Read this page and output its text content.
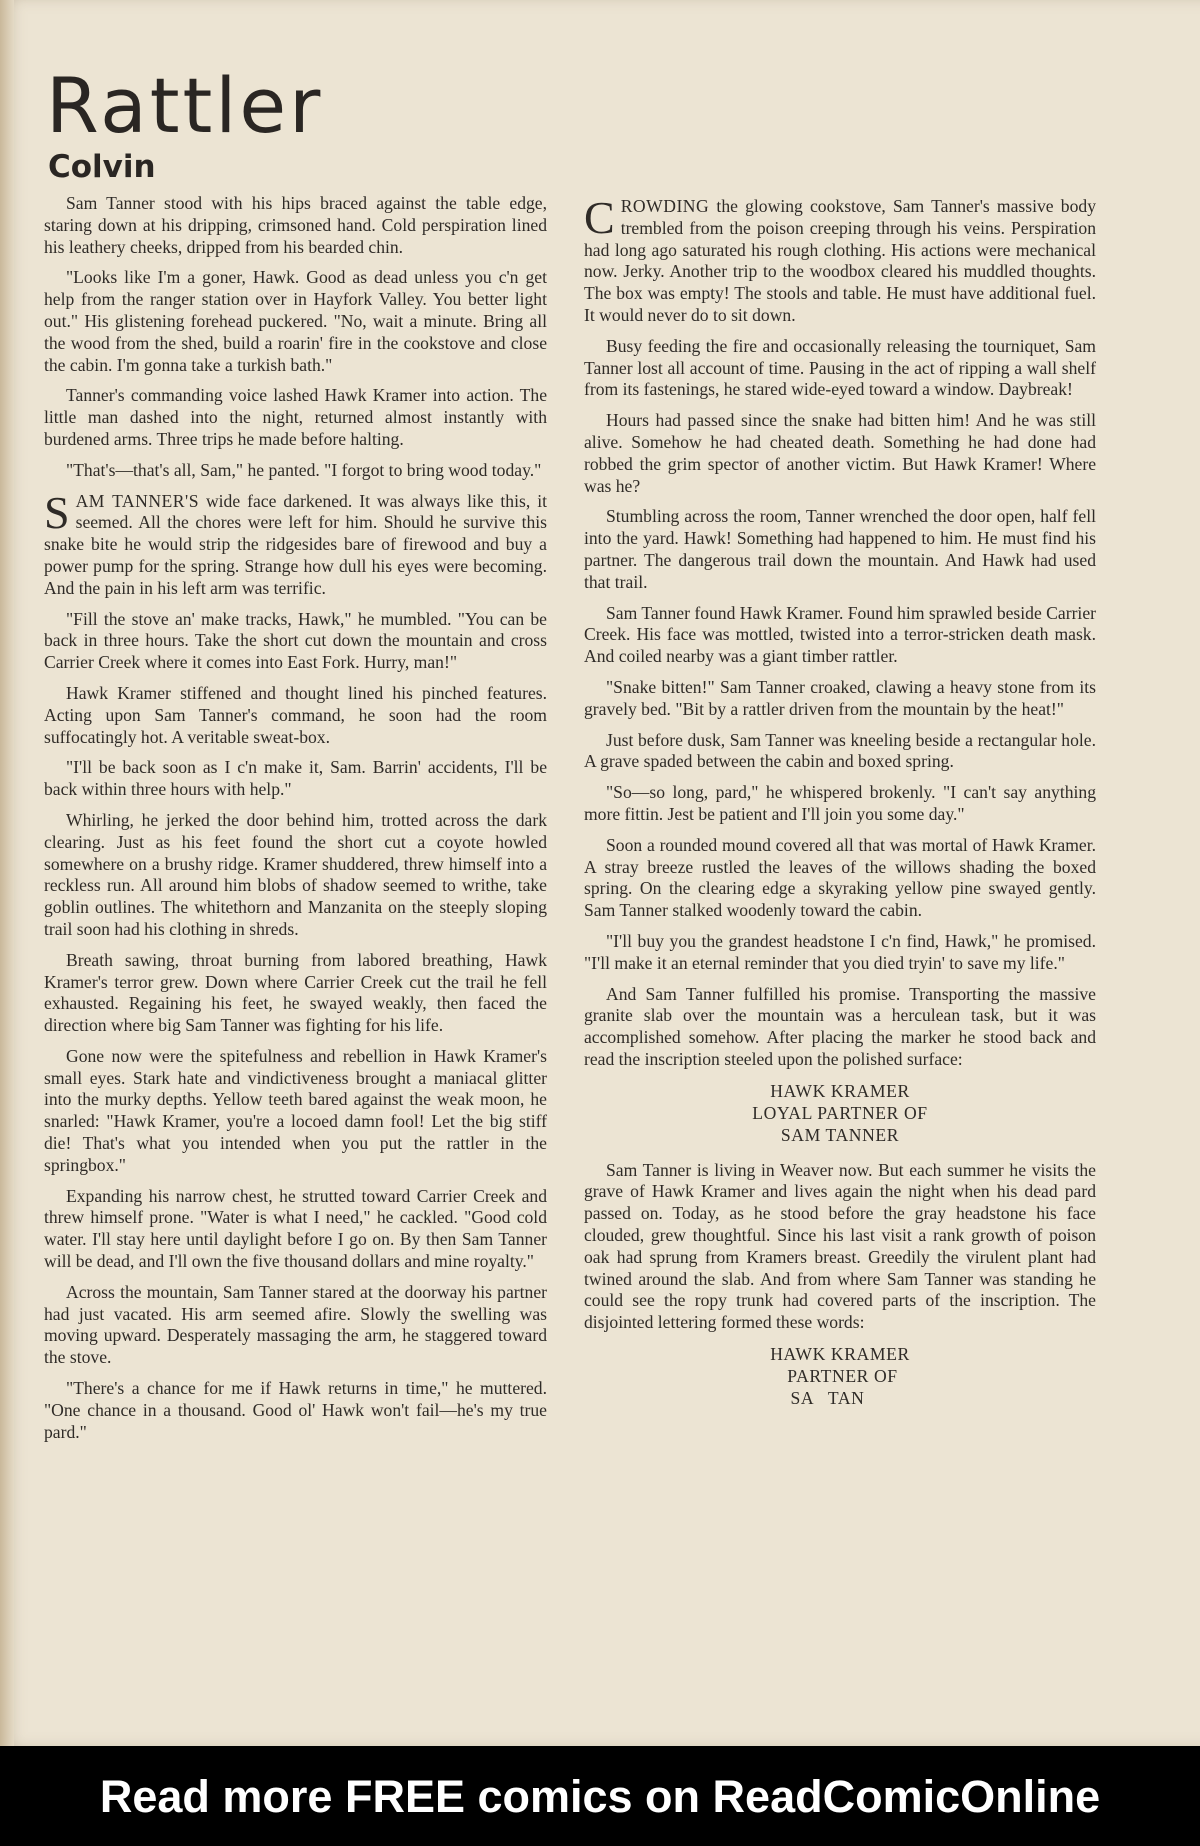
Rattler
Colvin

Sam Tanner stood with his hips braced against the table edge, staring down at his dripping, crimsoned hand. Cold perspiration lined his leathery cheeks, dripped from his bearded chin.

"Looks like I'm a goner, Hawk. Good as dead unless you c'n get help from the ranger station over in Hayfork Valley. You better light out." His glistening forehead puckered. "No, wait a minute. Bring all the wood from the shed, build a roarin' fire in the cookstove and close the cabin. I'm gonna take a turkish bath."

Tanner's commanding voice lashed Hawk Kramer into action. The little man dashed into the night, returned almost instantly with burdened arms. Three trips he made before halting.

"That's—that's all, Sam," he panted. "I forgot to bring wood today."

SAM TANNER'S wide face darkened. It was always like this, it seemed. All the chores were left for him. Should he survive this snake bite he would strip the ridgesides bare of firewood and buy a power pump for the spring. Strange how dull his eyes were becoming. And the pain in his left arm was terrific.

"Fill the stove an' make tracks, Hawk," he mumbled. "You can be back in three hours. Take the short cut down the mountain and cross Carrier Creek where it comes into East Fork. Hurry, man!"

Hawk Kramer stiffened and thought lined his pinched features. Acting upon Sam Tanner's command, he soon had the room suffocatingly hot. A veritable sweat-box.

"I'll be back soon as I c'n make it, Sam. Barrin' accidents, I'll be back within three hours with help."

Whirling, he jerked the door behind him, trotted across the dark clearing. Just as his feet found the short cut a coyote howled somewhere on a brushy ridge. Kramer shuddered, threw himself into a reckless run. All around him blobs of shadow seemed to writhe, take goblin outlines. The whitethorn and Manzanita on the steeply sloping trail soon had his clothing in shreds.

Breath sawing, throat burning from labored breathing, Hawk Kramer's terror grew. Down where Carrier Creek cut the trail he fell exhausted. Regaining his feet, he swayed weakly, then faced the direction where big Sam Tanner was fighting for his life.

Gone now were the spitefulness and rebellion in Hawk Kramer's small eyes. Stark hate and vindictiveness brought a maniacal glitter into the murky depths. Yellow teeth bared against the weak moon, he snarled: "Hawk Kramer, you're a locoed damn fool! Let the big stiff die! That's what you intended when you put the rattler in the springbox."

Expanding his narrow chest, he strutted toward Carrier Creek and threw himself prone. "Water is what I need," he cackled. "Good cold water. I'll stay here until daylight before I go on. By then Sam Tanner will be dead, and I'll own the five thousand dollars and mine royalty."

Across the mountain, Sam Tanner stared at the doorway his partner had just vacated. His arm seemed afire. Slowly the swelling was moving upward. Desperately massaging the arm, he staggered toward the stove.

"There's a chance for me if Hawk returns in time," he muttered. "One chance in a thousand. Good ol' Hawk won't fail—he's my true pard."

CROWDING the glowing cookstove, Sam Tanner's massive body trembled from the poison creeping through his veins. Perspiration had long ago saturated his rough clothing. His actions were mechanical now. Jerky. Another trip to the woodbox cleared his muddled thoughts. The box was empty! The stools and table. He must have additional fuel. It would never do to sit down.

Busy feeding the fire and occasionally releasing the tourniquet, Sam Tanner lost all account of time. Pausing in the act of ripping a wall shelf from its fastenings, he stared wide-eyed toward a window. Daybreak!

Hours had passed since the snake had bitten him! And he was still alive. Somehow he had cheated death. Something he had done had robbed the grim spector of another victim. But Hawk Kramer! Where was he?

Stumbling across the room, Tanner wrenched the door open, half fell into the yard. Hawk! Something had happened to him. He must find his partner. The dangerous trail down the mountain. And Hawk had used that trail.

Sam Tanner found Hawk Kramer. Found him sprawled beside Carrier Creek. His face was mottled, twisted into a terror-stricken death mask. And coiled nearby was a giant timber rattler.

"Snake bitten!" Sam Tanner croaked, clawing a heavy stone from its gravely bed. "Bit by a rattler driven from the mountain by the heat!"

Just before dusk, Sam Tanner was kneeling beside a rectangular hole. A grave spaded between the cabin and boxed spring.

"So—so long, pard," he whispered brokenly. "I can't say anything more fittin. Jest be patient and I'll join you some day."

Soon a rounded mound covered all that was mortal of Hawk Kramer. A stray breeze rustled the leaves of the willows shading the boxed spring. On the clearing edge a skyraking yellow pine swayed gently. Sam Tanner stalked woodenly toward the cabin.

"I'll buy you the grandest headstone I c'n find, Hawk," he promised. "I'll make it an eternal reminder that you died tryin' to save my life."

And Sam Tanner fulfilled his promise. Transporting the massive granite slab over the mountain was a herculean task, but it was accomplished somehow. After placing the marker he stood back and read the inscription steeled upon the polished surface:

HAWK KRAMER
LOYAL PARTNER OF
SAM TANNER

Sam Tanner is living in Weaver now. But each summer he visits the grave of Hawk Kramer and lives again the night when his dead pard passed on. Today, as he stood before the gray headstone his face clouded, grew thoughtful. Since his last visit a rank growth of poison oak had sprung from Kramers breast. Greedily the virulent plant had twined around the slab. And from where Sam Tanner was standing he could see the ropy trunk had covered parts of the inscription. The disjointed lettering formed these words:

HAWK KRAMER
PARTNER OF
SA   TAN

Read more FREE comics on ReadComicOnline
